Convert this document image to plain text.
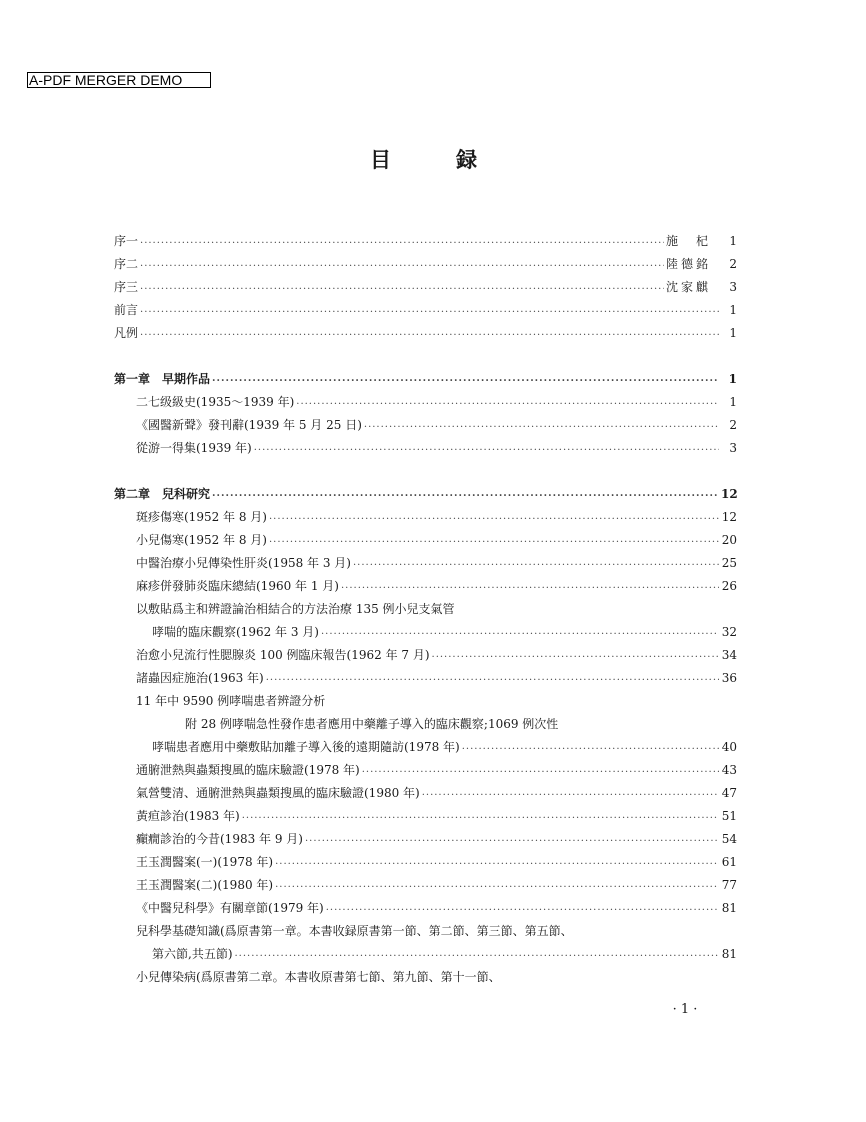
A-PDF MERGER DEMO
目	録
序一 .....	施　杞	1
序二 .....	陸德銘	2
序三 .....	沈家麒	3
前言 .....	1
凡例 .....	1
第一章　早期作品 .....	1
二七级級史(1935～1939 年) .....	1
《國醫新聲》發刊辭(1939 年 5 月 25 日) .....	2
從游一得集(1939 年) .....	3
第二章　兒科研究 .....	12
斑疹傷寒(1952 年 8 月) .....	12
小兒傷寒(1952 年 8 月) .....	20
中醫治療小兒傳染性肝炎(1958 年 3 月) .....	25
麻疹併發肺炎臨床總結(1960 年 1 月) .....	26
以敷貼爲主和辨證論治相結合的方法治療 135 例小兒支氣管
哮喘的臨床觀察(1962 年 3 月) .....	32
治愈小兒流行性腮腺炎 100 例臨床報告(1962 年 7 月) .....	34
諸蟲因症施治(1963 年) .....	36
11 年中 9590 例哮喘患者辨證分析
附 28 例哮喘急性發作患者應用中藥離子導入的臨床觀察;1069 例次性
哮喘患者應用中藥敷貼加離子導入後的遠期隨訪(1978 年) .....	40
通腑泄熱與蟲類搜風的臨床驗證(1978 年) .....	43
氣營雙清、通腑泄熱與蟲類搜風的臨床驗證(1980 年) .....	47
黃疸診治(1983 年) .....	51
癲癇診治的今昔(1983 年 9 月) .....	54
王玉潤醫案(一)(1978 年) .....	61
王玉潤醫案(二)(1980 年) .....	77
《中醫兒科學》有關章節(1979 年) .....	81
兒科學基礎知識(爲原書第一章。本書收録原書第一節、第二節、第三節、第五節、
第六節,共五節) .....	81
小兒傳染病(爲原書第二章。本書收原書第七節、第九節、第十一節、
· 1 ·
